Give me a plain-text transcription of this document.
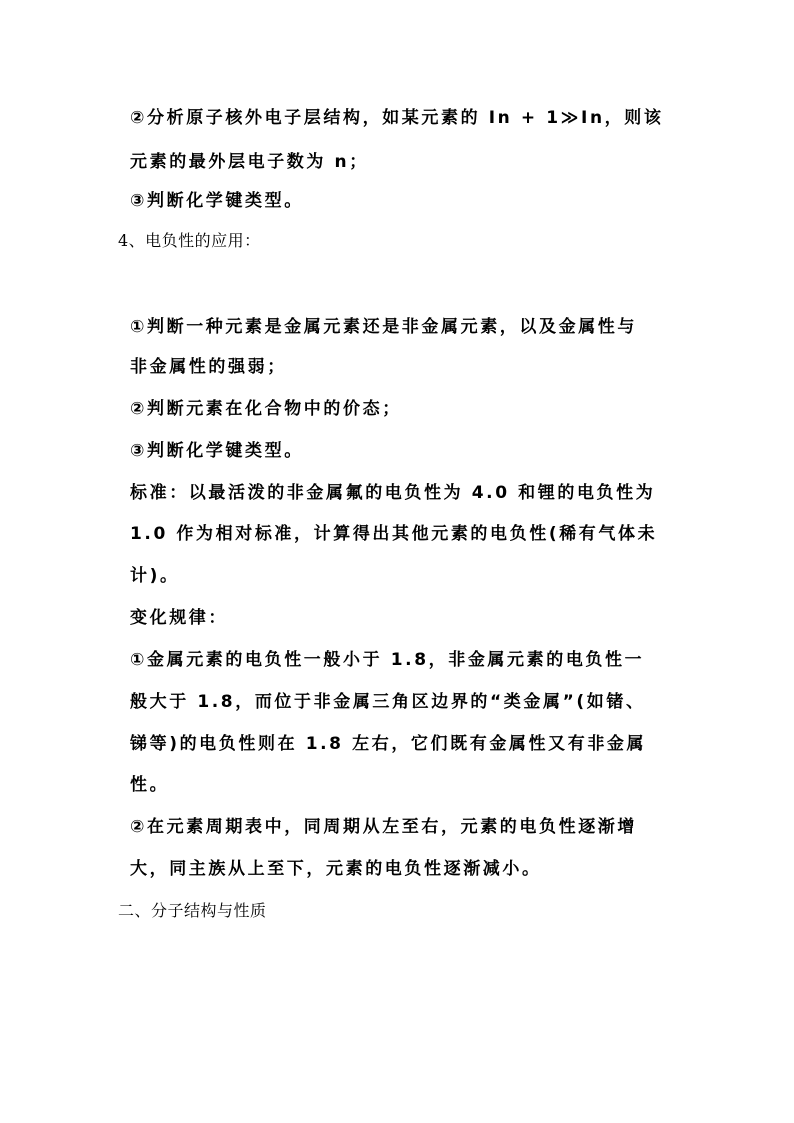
②分析原子核外电子层结构，如某元素的 In + 1≫In，则该
元素的最外层电子数为 n；
③判断化学键类型。
4、电负性的应用：
①判断一种元素是金属元素还是非金属元素，以及金属性与
非金属性的强弱；
②判断元素在化合物中的价态；
③判断化学键类型。
标准：以最活泼的非金属氟的电负性为 4.0 和锂的电负性为
1.0 作为相对标准，计算得出其他元素的电负性(稀有气体未
计)。
变化规律：
①金属元素的电负性一般小于 1.8，非金属元素的电负性一
般大于 1.8，而位于非金属三角区边界的“类金属”(如锗、
锑等)的电负性则在 1.8 左右，它们既有金属性又有非金属
性。
②在元素周期表中，同周期从左至右，元素的电负性逐渐增
大，同主族从上至下，元素的电负性逐渐减小。
二、分子结构与性质
